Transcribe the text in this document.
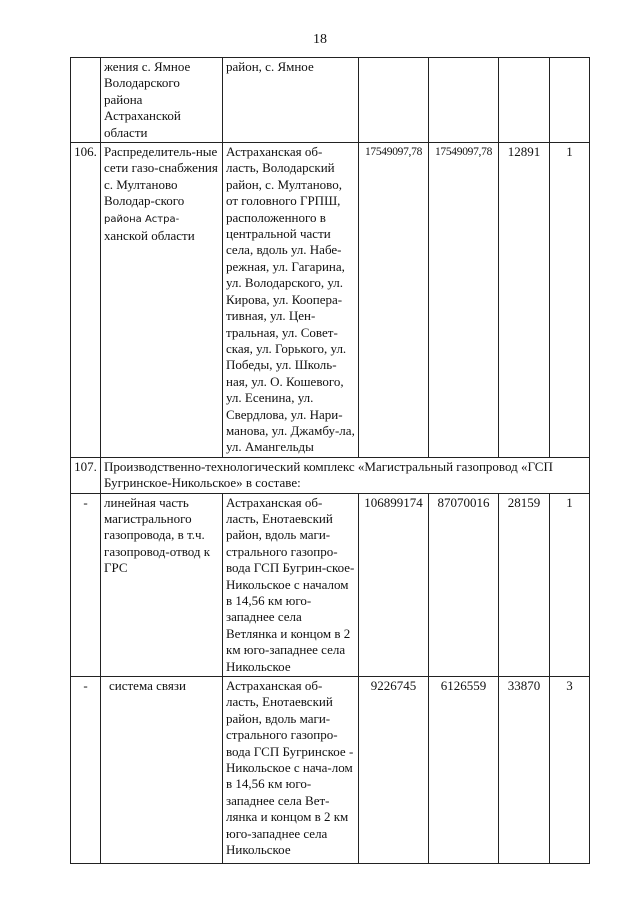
18
	жения с. Ямное Володарского района Астраханской области	район, с. Ямное				
106.	Распределитель-ные сети газо-снабжения с. Мултаново Володар-ского района Астра- ханской области	Астраханская об-ласть, Володарский район, с. Мултаново, от головного ГРПШ, расположенного в центральной части села, вдоль ул. Набе-режная, ул. Гагарина, ул. Володарского, ул. Кирова, ул. Коопера-тивная, ул. Цен-тральная, ул. Совет-ская, ул. Горького, ул. Победы, ул. Школь-ная, ул. О. Кошевого, ул. Есенина, ул. Свердлова, ул. Нари-манова, ул. Джамбу-ла, ул. Амангельды	17549097,78	17549097,78	12891	1
107.	Производственно-технологический комплекс «Магистральный газопровод «ГСП Бугринское-Никольское» в составе:					
-	линейная часть магистрального газопровода, в т.ч. газопровод-отвод к ГРС	Астраханская об-ласть, Енотаевский район, вдоль маги-стрального газопро-вода ГСП Бугрин-ское-Никольское с началом в 14,56 км юго-западнее села Ветлянка и концом в 2 км юго-западнее села Никольское	106899174	87070016	28159	1
-	система связи	Астраханская об-ласть, Енотаевский район, вдоль маги-стрального газопро-вода ГСП Бугринское - Никольское с нача-лом в 14,56 км юго-западнее села Вет-лянка и концом в 2 км юго-западнее села Никольское	9226745	6126559	33870	3
